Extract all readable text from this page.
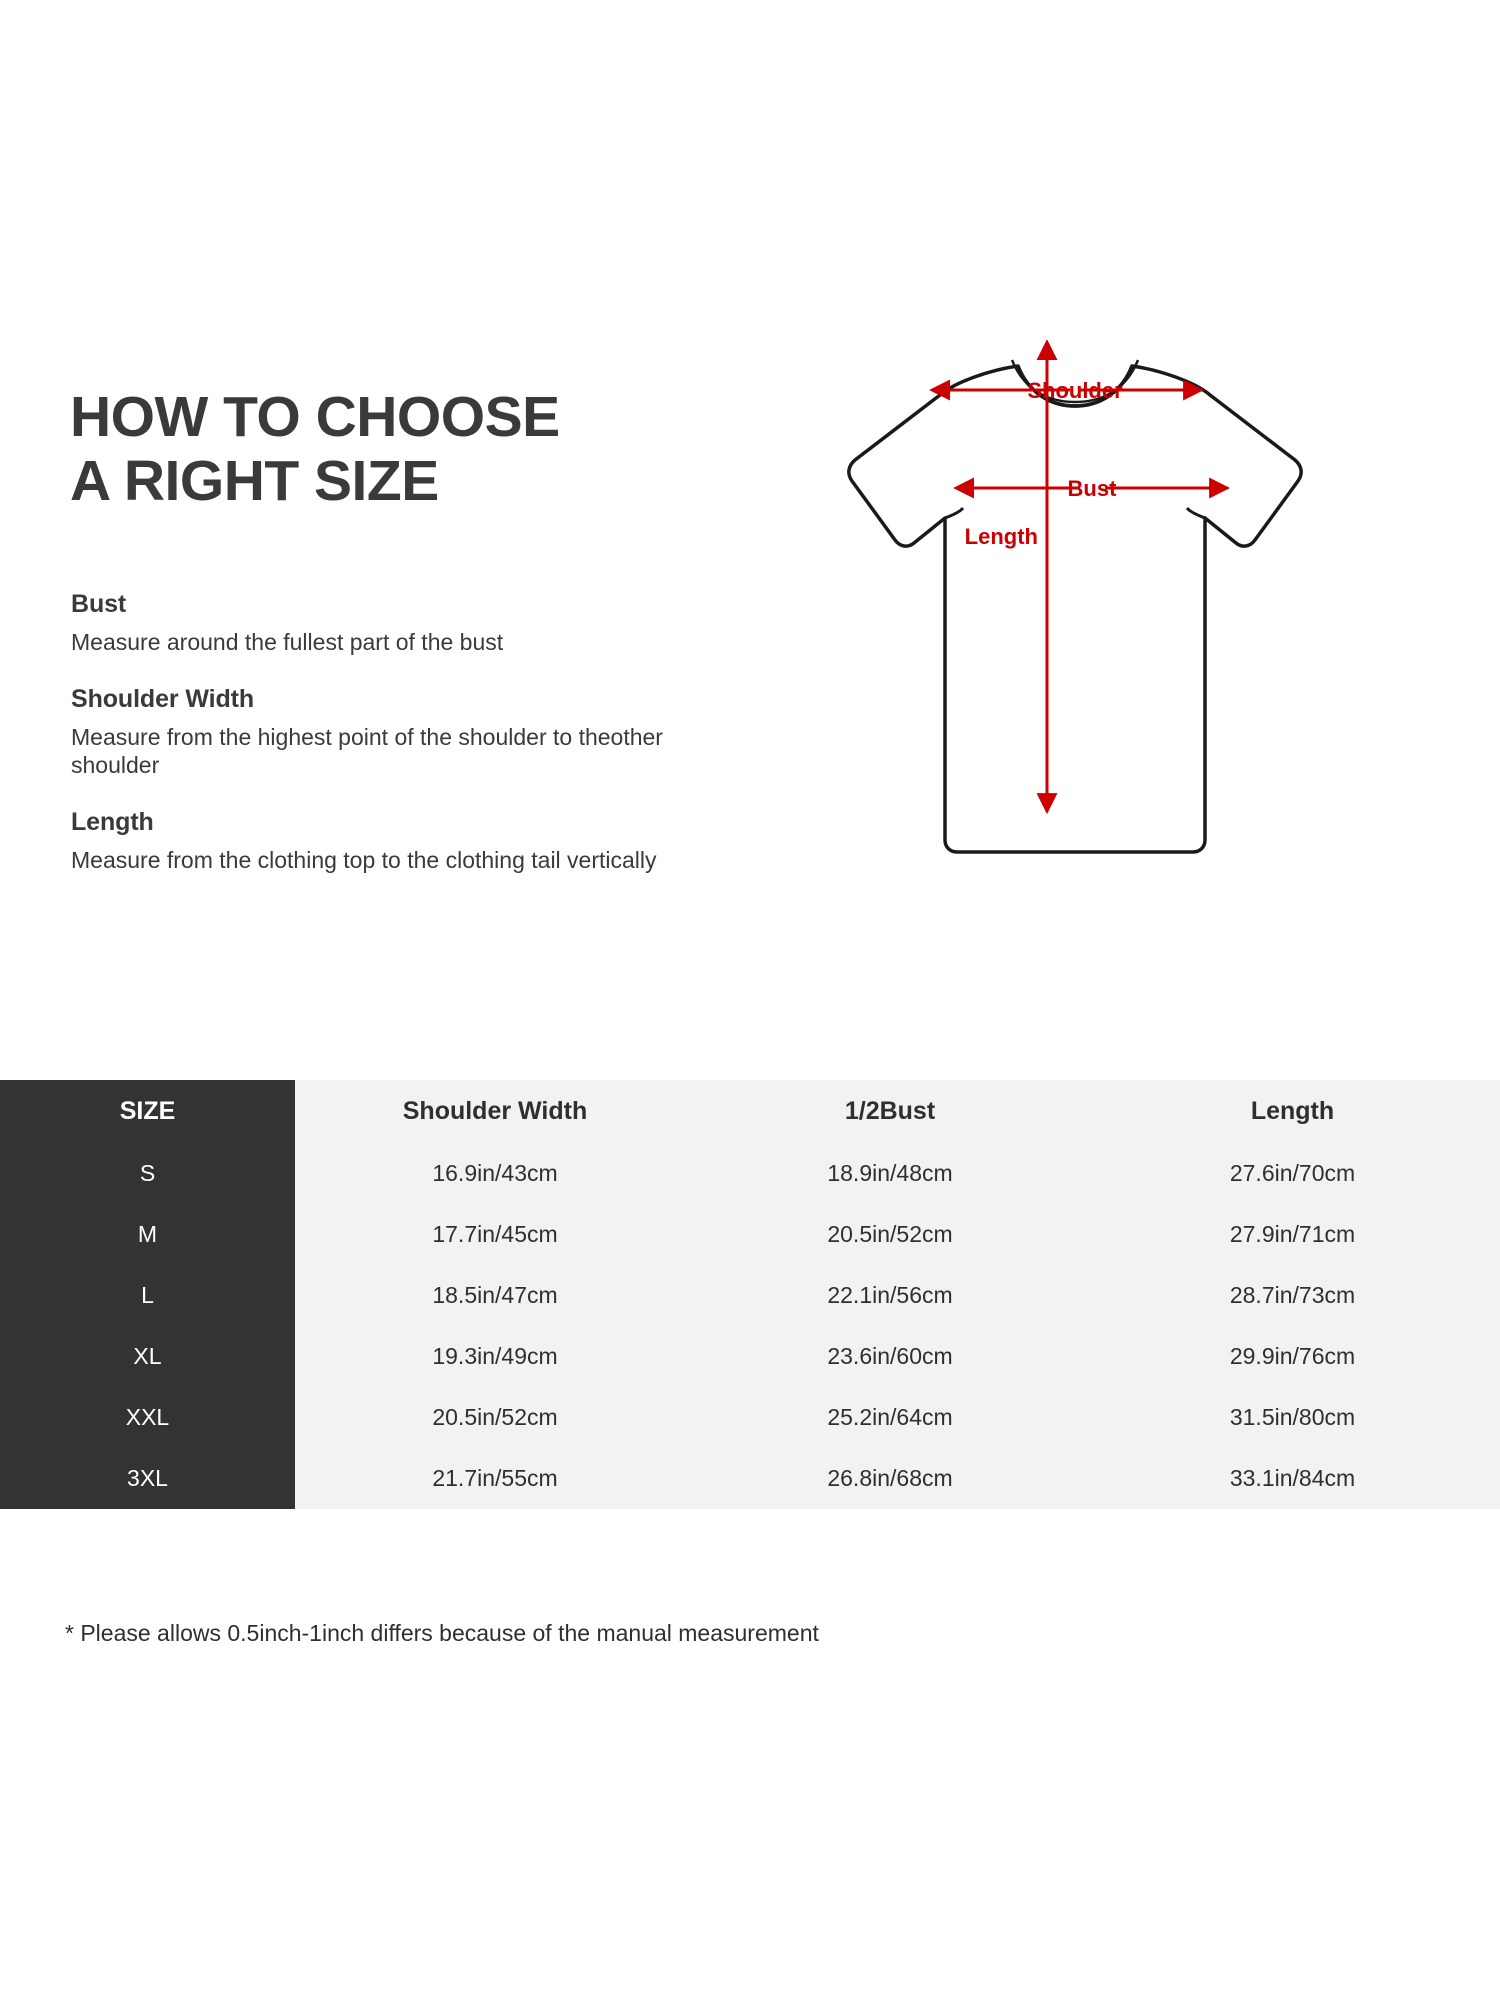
HOW TO CHOOSE
A RIGHT SIZE

Bust

Measure around the fullest part of the bust

Shoulder Width

Measure from the highest point of the shoulder to theother shoulder

Length

Measure from the clothing top to the clothing tail vertically

Shoulder
Bust
Length
SIZE	Shoulder Width	1/2Bust	Length
S	16.9in/43cm	18.9in/48cm	27.6in/70cm
M	17.7in/45cm	20.5in/52cm	27.9in/71cm
L	18.5in/47cm	22.1in/56cm	28.7in/73cm
XL	19.3in/49cm	23.6in/60cm	29.9in/76cm
XXL	20.5in/52cm	25.2in/64cm	31.5in/80cm
3XL	21.7in/55cm	26.8in/68cm	33.1in/84cm
* Please allows 0.5inch-1inch differs because of the manual measurement
